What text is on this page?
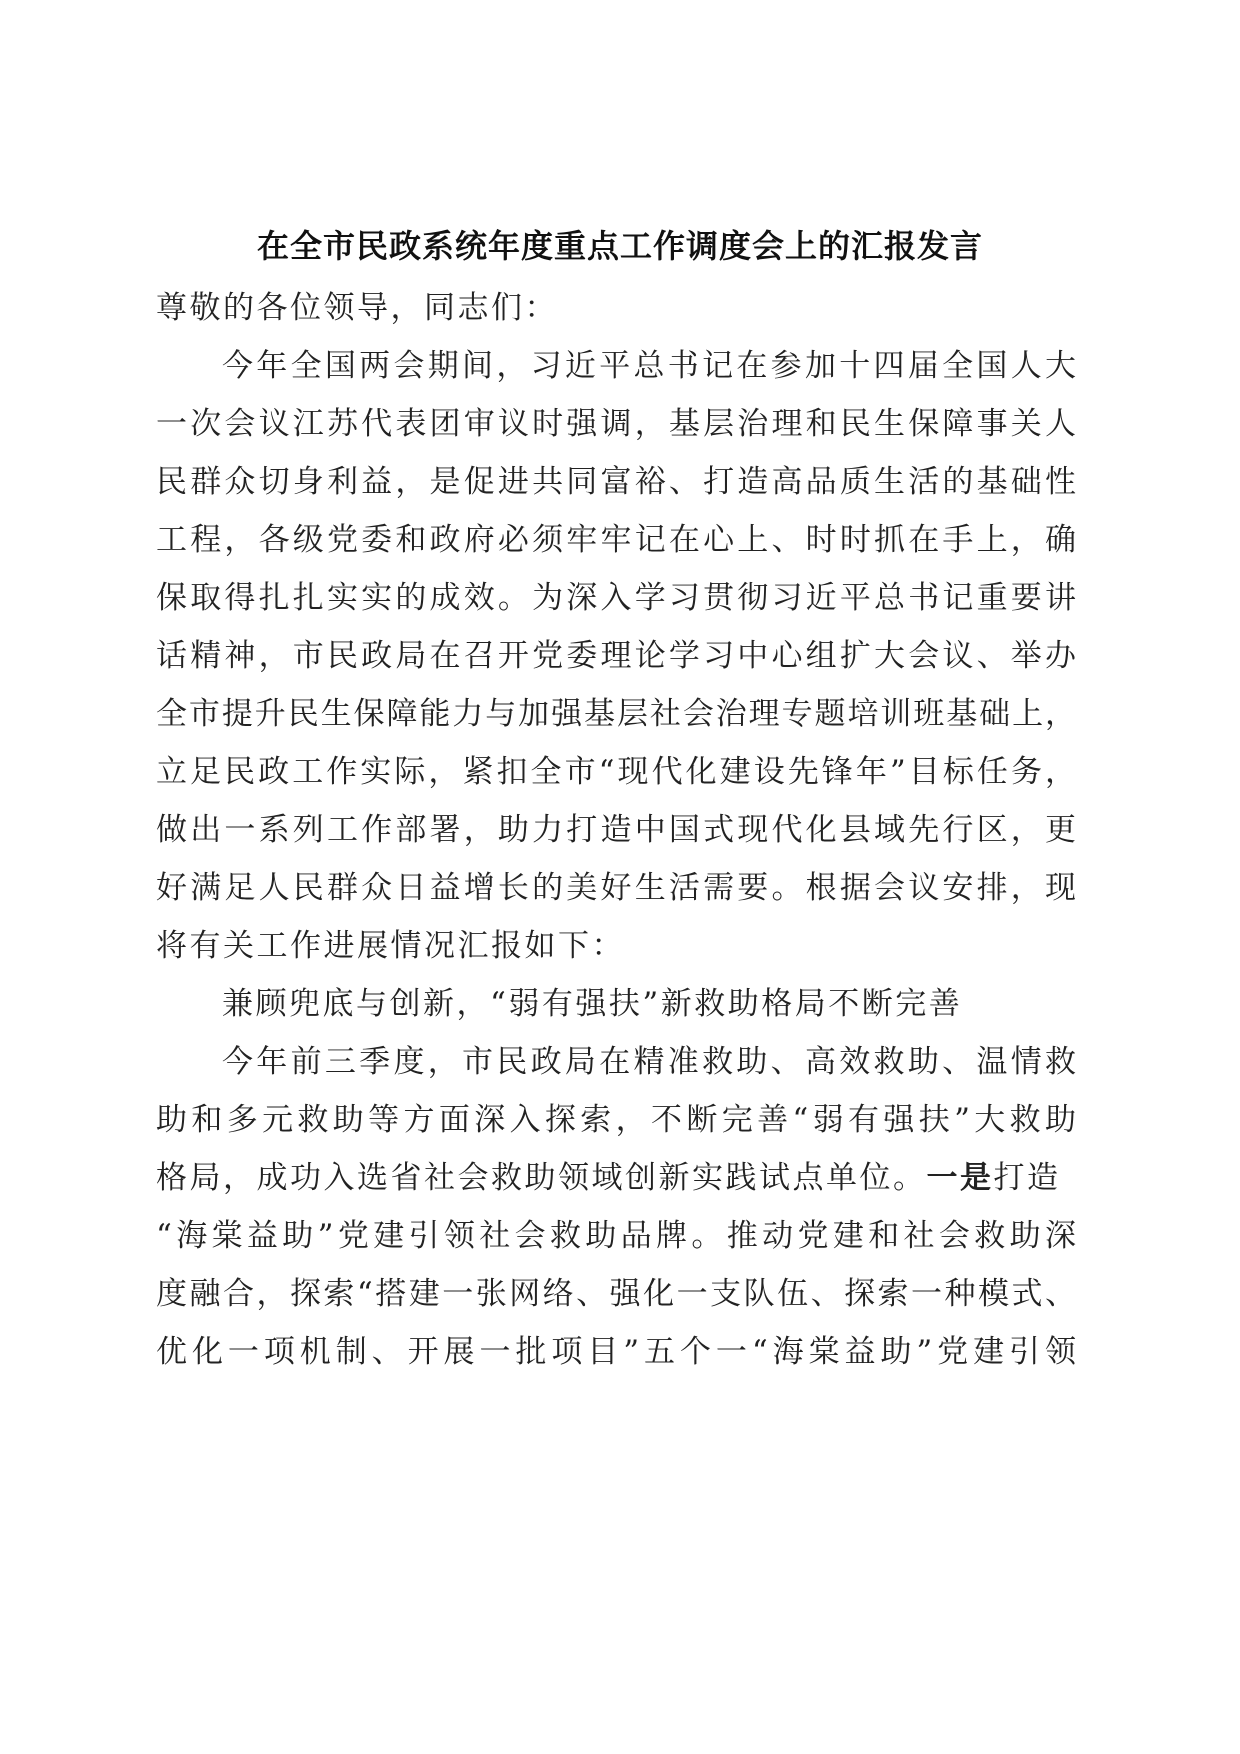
在全市民政系统年度重点工作调度会上的汇报发言

尊敬的各位领导，同志们：

今年全国两会期间，习近平总书记在参加十四届全国人大

一次会议江苏代表团审议时强调，基层治理和民生保障事关人

民群众切身利益，是促进共同富裕、打造高品质生活的基础性

工程，各级党委和政府必须牢牢记在心上、时时抓在手上，确

保取得扎扎实实的成效。为深入学习贯彻习近平总书记重要讲

话精神，市民政局在召开党委理论学习中心组扩大会议、举办

全市提升民生保障能力与加强基层社会治理专题培训班基础上，

立足民政工作实际，紧扣全市“现代化建设先锋年”目标任务，

做出一系列工作部署，助力打造中国式现代化县域先行区，更

好满足人民群众日益增长的美好生活需要。根据会议安排，现

将有关工作进展情况汇报如下：

兼顾兜底与创新，“弱有强扶”新救助格局不断完善

今年前三季度，市民政局在精准救助、高效救助、温情救

助和多元救助等方面深入探索，不断完善“弱有强扶”大救助

格局，成功入选省社会救助领域创新实践试点单位。一是打造

“海棠益助”党建引领社会救助品牌。推动党建和社会救助深

度融合，探索“搭建一张网络、强化一支队伍、探索一种模式、

优化一项机制、开展一批项目”五个一“海棠益助”党建引领
